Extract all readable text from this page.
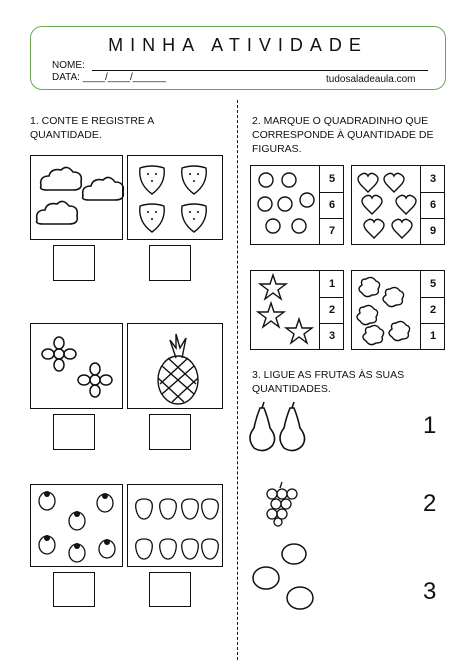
MINHA ATIVIDADE
NOME:
DATA: ____/____/______	tudosaladeaula.com
1. CONTE E REGISTRE A QUANTIDADE.
2. MARQUE O QUADRADINHO QUE CORRESPONDE À QUANTIDADE DE FIGURAS.
5
6
7
3
6
9
1
2
3
5
2
1
3. LIGUE AS FRUTAS ÀS SUAS QUANTIDADES.
1
2
3
